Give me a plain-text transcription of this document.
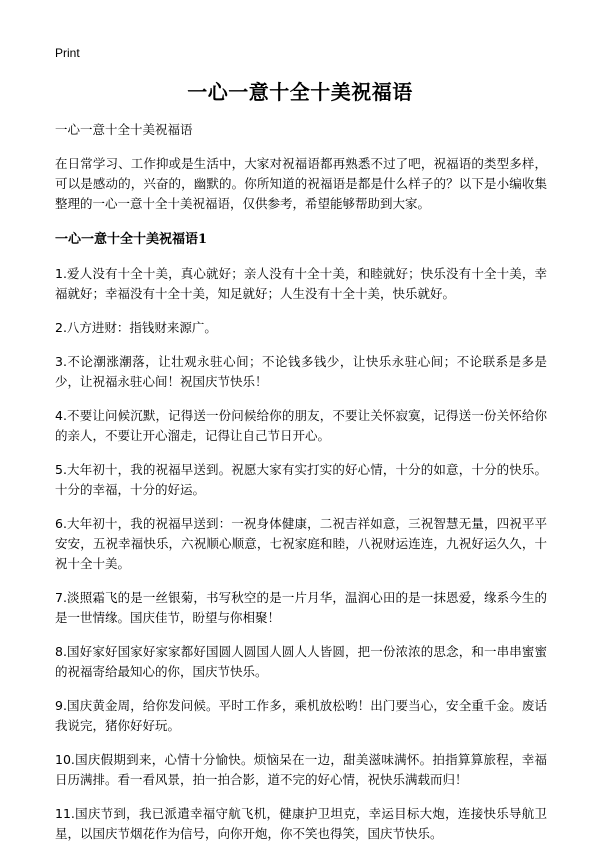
Print
一心一意十全十美祝福语

一心一意十全十美祝福语

在日常学习、工作抑或是生活中，大家对祝福语都再熟悉不过了吧，祝福语的类型多样，可以是感动的，兴奋的，幽默的。你所知道的祝福语是都是什么样子的？以下是小编收集整理的一心一意十全十美祝福语，仅供参考，希望能够帮助到大家。

一心一意十全十美祝福语1

1.爱人没有十全十美，真心就好；亲人没有十全十美，和睦就好；快乐没有十全十美，幸福就好；幸福没有十全十美，知足就好；人生没有十全十美，快乐就好。

2.八方进财：指钱财来源广。

3.不论潮涨潮落，让壮观永驻心间；不论钱多钱少，让快乐永驻心间；不论联系是多是少，让祝福永驻心间！祝国庆节快乐！

4.不要让问候沉默，记得送一份问候给你的朋友，不要让关怀寂寞，记得送一份关怀给你的亲人，不要让开心溜走，记得让自己节日开心。

5.大年初十，我的祝福早送到。祝愿大家有实打实的好心情，十分的如意，十分的快乐。十分的幸福，十分的好运。

6.大年初十，我的祝福早送到：一祝身体健康，二祝吉祥如意，三祝智慧无量，四祝平平安安，五祝幸福快乐，六祝顺心顺意，七祝家庭和睦，八祝财运连连，九祝好运久久，十祝十全十美。

7.淡照霜飞的是一丝银菊，书写秋空的是一片月华，温润心田的是一抹恩爱，缘系今生的是一世情缘。国庆佳节，盼望与你相聚！

8.国好家好国家好家家都好国圆人圆国人圆人人皆圆，把一份浓浓的思念，和一串串蜜蜜的祝福寄给最知心的你，国庆节快乐。

9.国庆黄金周，给你发问候。平时工作多，乘机放松哟！出门要当心，安全重千金。废话我说完，猪你好好玩。

10.国庆假期到来，心情十分愉快。烦恼呆在一边，甜美滋味满怀。拍指算算旅程，幸福日历满排。看一看风景，拍一拍合影，道不完的好心情，祝快乐满载而归！

11.国庆节到，我已派遣幸福守航飞机，健康护卫坦克，幸运目标大炮，连接快乐导航卫星，以国庆节烟花作为信号，向你开炮，你不笑也得笑，国庆节快乐。
